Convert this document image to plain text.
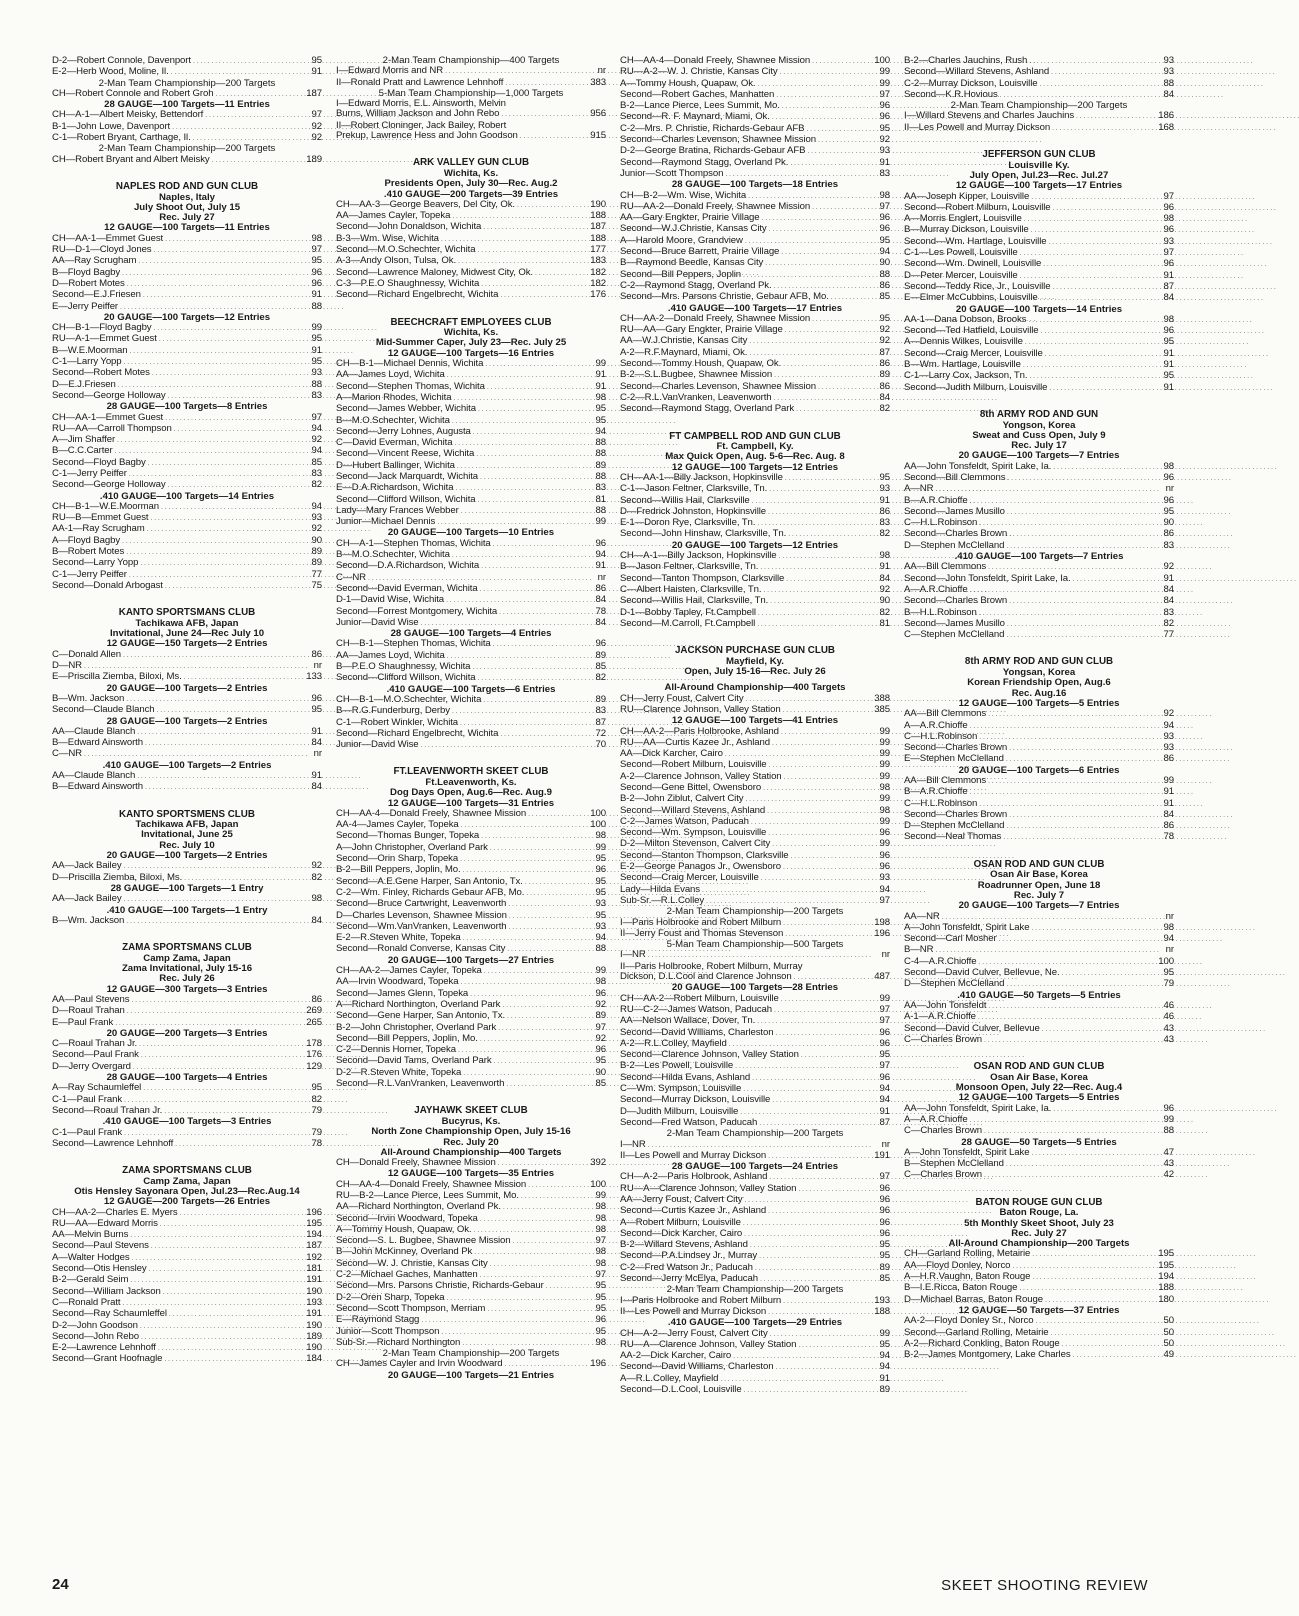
D-2—Robert Connole, Davenport . . .	95
E-2—Herb Wood, Moline, Il. . . .	91
2-Man Team Championship—200 Targets
CH—Robert Connole and Robert Groh . . .	187
28 GAUGE—100 Targets—11 Entries
CH—A-1—Albert Meisky, Bettendorf . . .	97
B-1—John Lowe, Davenport . . .	92
C-1—Robert Bryant, Carthage, Il. . . .	92
2-Man Team Championship—200 Targets
CH—Robert Bryant and Albert Meisky . . .	189
NAPLES ROD AND GUN CLUB
Naples, Italy
July Shoot Out, July 15
Rec. July 27
12 GAUGE—100 Targets—11 Entries
CH—AA-1—Emmet Guest . . .	98
RU—D-1—Cloyd Jones . . .	97
AA—Ray Scrugham . . .	95
B—Floyd Bagby . . .	96
D—Robert Motes . . .	96
Second—E.J.Friesen . . .	91
E—Jerry Peiffer . . .	88
20 GAUGE—100 Targets—12 Entries
CH—B-1—Floyd Bagby . . .	99
RU—A-1—Emmet Guest . . .	95
B—W.E.Moorman . . .	91
C-1—Larry Yopp . . .	95
Second—Robert Motes . . .	93
D—E.J.Friesen . . .	88
Second—George Holloway . . .	83
28 GAUGE—100 Targets—8 Entries
CH—AA-1—Emmet Guest . . .	97
RU—AA—Carroll Thompson . . .	94
A—Jim Shaffer . . .	92
B—C.C.Carter . . .	94
Second—Floyd Bagby . . .	85
C-1—Jerry Peiffer . . .	83
Second—George Holloway . . .	82
.410 GAUGE—100 Targets—14 Entries
CH—B-1—W.E.Moorman . . .	94
RU—B—Emmet Guest . . .	93
AA-1—Ray Scrugham . . .	92
A—Floyd Bagby . . .	90
B—Robert Motes . . .	89
Second—Larry Yopp . . .	89
C-1—Jerry Peiffer . . .	77
Second—Donald Arbogast . . .	75
KANTO SPORTSMANS CLUB
Tachikawa AFB, Japan
Invitational, June 24—Rec July 10
12 GAUGE—150 Targets—2 Entries
C—Donald Allen . . .	86
D—NR . . .	nr
E—Priscilla Ziemba, Biloxi, Ms. . . .	133
20 GAUGE—100 Targets—2 Entries
B—Wm. Jackson . . .	96
Second—Claude Blanch . . .	95
28 GAUGE—100 Targets—2 Entries
AA—Claude Blanch . . .	91
B—Edward Ainsworth . . .	84
C—NR . . .	nr
.410 GAUGE—100 Targets—2 Entries
AA—Claude Blanch . . .	91
B—Edward Ainsworth . . .	84
KANTO SPORTSMENS CLUB
Tachikawa AFB, Japan
Invitational, June 25
Rec. July 10
20 GAUGE—100 Targets—2 Entries
AA—Jack Bailey . . .	92
D—Priscilla Ziemba, Biloxi, Ms. . . .	82
28 GAUGE—100 Targets—1 Entry
AA—Jack Bailey . . .	98
.410 GAUGE—100 Targets—1 Entry
B—Wm. Jackson . . .	84
ZAMA SPORTSMANS CLUB
Camp Zama, Japan
Zama Invitational, July 15-16
Rec. July 26
12 GAUGE—300 Targets—3 Entries
AA—Paul Stevens . . .	86
D—Roaul Trahan . . .	269
E—Paul Frank . . .	265
20 GAUGE—200 Targets—3 Entries
C—Roaul Trahan Jr. . . .	178
Second—Paul Frank . . .	176
D—Jerry Overgard . . .	129
28 GAUGE—100 Targets—4 Entries
A—Ray Schaumleffel . . .	95
C-1—Paul Frank . . .	82
Second—Roaul Trahan Jr. . . .	79
.410 GAUGE—100 Targets—3 Entries
C-1—Paul Frank . . .	79
Second—Lawrence Lehnhoff . . .	78
ZAMA SPORTSMANS CLUB
Camp Zama, Japan
Otis Hensley Sayonara Open, Jul.23—Rec.Aug.14
12 GAUGE—200 Targets—26 Entries
CH—AA-2—Charles E. Myers . . .	196
RU—AA—Edward Morris . . .	195
AA—Melvin Burns . . .	194
Second—Paul Stevens . . .	187
A—Walter Hodges . . .	192
Second—Otis Hensley . . .	181
B-2—Gerald Seim . . .	191
Second—William Jackson . . .	190
C—Ronald Pratt . . .	193
Second—Ray Schaumleffel . . .	191
D-2—John Goodson . . .	190
Second—John Rebo . . .	189
E-2—Lawrence Lehnhoff . . .	190
Second—Grant Hoofnagle . . .	184
2-Man Team Championship—400 Targets
I—Edward Morris and NR . . .	nr
II—Ronald Pratt and Lawrence Lehnhoff . . .	383
5-Man Team Championship—1,000 Targets
I—Edward Morris, E.L. Ainsworth, Melvin
Burns, William Jackson and John Rebo . . .	956
II—Robert Cloninger, Jack Bailey, Robert
Prekup, Lawrence Hess and John Goodson . . .	915
ARK VALLEY GUN CLUB
Wichita, Ks.
Presidents Open, July 30—Rec. Aug.2
.410 GAUGE—200 Targets—39 Entries
CH—AA-3—George Beavers, Del City, Ok. . . .	190
AA—James Cayler, Topeka . . .	188
Second—John Donaldson, Wichita . . .	187
B-3—Wm. Wise, Wichita . . .	188
Second—M.O.Schechter, Wichita . . .	177
A-3—Andy Olson, Tulsa, Ok. . . .	183
Second—Lawrence Maloney, Midwest City, Ok. . . .	182
C-3—P.E.O Shaughnessy, Wichita . . .	182
Second—Richard Engelbrecht, Wichita . . .	176
BEECHCRAFT EMPLOYEES CLUB
Wichita, Ks.
Mid-Summer Caper, July 23—Rec. July 25
12 GAUGE—100 Targets—16 Entries
CH—B-1—Michael Dennis, Wichita . . .	99
AA—James Loyd, Wichita . . .	91
Second—Stephen Thomas, Wichita . . .	91
A—Marion Rhodes, Wichita . . .	98
Second—James Webber, Wichita . . .	95
B—M.O.Schechter, Wichita . . .	95
Second—Jerry Lohnes, Augusta . . .	94
C—David Everman, Wichita . . .	88
Second—Vincent Reese, Wichita . . .	88
D—Hubert Ballinger, Wichita . . .	89
Second—Jack Marquardt, Wichita . . .	88
E—D.A.Richardson, Wichita . . .	83
Second—Clifford Willson, Wichita . . .	81
Lady—Mary Frances Webber . . .	88
Junior—Michael Dennis . . .	99
20 GAUGE—100 Targets—10 Entries
CH—A-1—Stephen Thomas, Wichita . . .	96
B—M.O.Schechter, Wichita . . .	94
Second—D.A.Richardson, Wichita . . .	91
C—NR . . .	nr
Second—David Everman, Wichita . . .	86
D-1—David Wise, Wichita . . .	84
Second—Forrest Montgomery, Wichita . . .	78
Junior—David Wise . . .	84
28 GAUGE—100 Targets—4 Entries
CH—B-1—Stephen Thomas, Wichita . . .	96
AA—James Loyd, Wichita . . .	89
B—P.E.O Shaughnessy, Wichita . . .	85
Second—Clifford Willson, Wichita . . .	82
.410 GAUGE—100 Targets—6 Entries
CH—B-1—M.O.Schechter, Wichita . . .	89
B—R.G.Funderburg, Derby . . .	83
C-1—Robert Winkler, Wichita . . .	87
Second—Richard Engelbrecht, Wichita . . .	72
Junior—David Wise . . .	70
FT.LEAVENWORTH SKEET CLUB
Ft.Leavenworth, Ks.
Dog Days Open, Aug.6—Rec. Aug.9
12 GAUGE—100 Targets—31 Entries
CH—AA-4—Donald Freely, Shawnee Mission . . .	100
AA-4—James Cayler, Topeka . . .	100
Second—Thomas Bunger, Topeka . . .	98
A—John Christopher, Overland Park . . .	99
Second—Orin Sharp, Topeka . . .	95
B-2—Bill Peppers, Joplin, Mo. . . .	96
Second—A.E.Gene Harper, San Antonio, Tx. . . .	95
C-2—Wm. Finley, Richards Gebaur AFB, Mo. . . .	95
Second—Bruce Cartwright, Leavenworth . . .	93
D—Charles Levenson, Shawnee Mission . . .	95
Second—Wm.VanVranken, Leavenworth . . .	93
E-2—R.Steven White, Topeka . . .	94
Second—Ronald Converse, Kansas City . . .	88
20 GAUGE—100 Targets—27 Entries
CH—AA-2—James Cayler, Topeka . . .	99
AA—Irvin Woodward, Topeka . . .	98
Second—James Glenn, Topeka . . .	96
A—Richard Northington, Overland Park . . .	92
Second—Gene Harper, San Antonio, Tx. . . .	89
B-2—John Christopher, Overland Park . . .	97
Second—Bill Peppers, Joplin, Mo. . . .	92
C-2—Dennis Horner, Topeka . . .	96
Second—David Tams, Overland Park . . .	95
D-2—R.Steven White, Topeka . . .	90
Second—R.L.VanVranken, Leavenworth . . .	85
JAYHAWK SKEET CLUB
Bucyrus, Ks.
North Zone Championship Open, July 15-16
Rec. July 20
All-Around Championship—400 Targets
CH—Donald Freely, Shawnee Mission . . .	392
12 GAUGE—100 Targets—35 Entries
CH—AA-4—Donald Freely, Shawnee Mission . . .	100
RU—B-2—Lance Pierce, Lees Summit, Mo. . . .	99
AA—Richard Northington, Overland Pk. . . .	98
Second—Irvin Woodward, Topeka . . .	98
A—Tommy Housh, Quapaw, Ok. . . .	98
Second—S. L. Bugbee, Shawnee Mission . . .	97
B—John McKinney, Overland Pk . . .	98
Second—W. J. Christie, Kansas City . . .	98
C-2—Michael Gaches, Manhatten . . .	97
Second—Mrs. Parsons Christie, Richards-Gebaur . . .	95
D-2—Oren Sharp, Topeka . . .	95
Second—Scott Thompson, Merriam . . .	95
E—Raymond Stagg . . .	96
Junior—Scott Thompson . . .	95
Sub-Sr.—Richard Northington . . .	98
2-Man Team Championship—200 Targets
CH—James Cayler and Irvin Woodward . . .	196
20 GAUGE—100 Targets—21 Entries
CH—AA-4—Donald Freely, Shawnee Mission . . .	100
RU—A-2—W. J. Christie, Kansas City . . .	99
A—Tommy Housh, Quapaw, Ok. . . .	99
Second—Robert Gaches, Manhatten . . .	97
B-2—Lance Pierce, Lees Summit, Mo. . . .	96
Second—R. F. Maynard, Miami, Ok. . . .	96
C-2—Mrs. P. Christie, Richards-Gebaur AFB . . .	95
Second—Charles Levenson, Shawnee Mission . . .	92
D-2—George Bratina, Richards-Gebaur AFB . . .	93
Second—Raymond Stagg, Overland Pk. . . .	91
Junior—Scott Thompson . . .	83
28 GAUGE—100 Targets—18 Entries
CH—B-2—Wm. Wise, Wichita . . .	98
RU—AA-2—Donald Freely, Shawnee Mission . . .	97
AA—Gary Engkter, Prairie Village . . .	96
Second—W.J.Christie, Kansas City . . .	96
A—Harold Moore, Grandview . . .	95
Second—Bruce Barrett, Prairie Village . . .	94
B—Raymond Beedle, Kansas City . . .	90
Second—Bill Peppers, Joplin . . .	88
C-2—Raymond Stagg, Overland Pk. . . .	86
Second—Mrs. Parsons Christie, Gebaur AFB, Mo. . . .	85
.410 GAUGE—100 Targets—17 Entries
CH—AA-2—Donald Freely, Shawnee Mission . . .	95
RU—AA—Gary Engkter, Prairie Village . . .	92
AA—W.J.Christie, Kansas City . . .	92
A-2—R.F.Maynard, Miami, Ok. . . .	87
Second—Tommy Housh, Quapaw, Ok. . . .	86
B-2—S.L.Bugbee, Shawnee Mission . . .	89
Second—Charles Levenson, Shawnee Mission . . .	86
C-2—R.L.VanVranken, Leavenworth . . .	84
Second—Raymond Stagg, Overland Park . . .	82
FT CAMPBELL ROD AND GUN CLUB
Ft. Campbell, Ky.
Max Quick Open, Aug. 5-6—Rec. Aug. 8
12 GAUGE—100 Targets—12 Entries
CH—AA-1—Billy Jackson, Hopkinsville . . .	95
C-1—Jason Feltner, Clarksville, Tn. . . .	93
Second—Willis Hail, Clarksville . . .	91
D—Fredrick Johnston, Hopkinsville . . .	86
E-1—Doron Rye, Clarksville, Tn. . . .	83
Second—John Hinshaw, Clarksville, Tn. . . .	82
20 GAUGE—100 Targets—12 Entries
CH—A-1—Billy Jackson, Hopkinsville . . .	98
B—Jason Feltner, Clarksville, Tn. . . .	91
Second—Tanton Thompson, Clarksville . . .	84
C—Albert Haisten, Clarksville, Tn. . . .	92
Second—Willis Hail, Clarksville, Tn. . . .	90
D-1—Bobby Tapley, Ft.Campbell . . .	82
Second—M.Carroll, Ft.Campbell . . .	81
JACKSON PURCHASE GUN CLUB
Mayfield, Ky.
Open, July 15-16—Rec. July 26
All-Around Championship—400 Targets
CH—Jerry Foust, Calvert City . . .	388
RU—Clarence Johnson, Valley Station . . .	385
12 GAUGE—100 Targets—41 Entries
CH—AA-2—Paris Holbrooke, Ashland . . .	99
RU—AA—Curtis Kazee Jr., Ashland . . .	99
AA—Dick Karcher, Cairo . . .	99
Second—Robert Milburn, Louisville . . .	99
A-2—Clarence Johnson, Valley Station . . .	99
Second—Gene Bittel, Owensboro . . .	98
B-2—John Ziblut, Calvert City . . .	99
Second—Willard Stevens, Ashland . . .	98
C-2—James Watson, Paducah . . .	99
Second—Wm. Sympson, Louisville . . .	96
D-2—Milton Stevenson, Calvert City . . .	99
Second—Stanton Thompson, Clarksville . . .	96
E-2—George Panagos Jr., Owensboro . . .	96
Second—Craig Mercer, Louisville . . .	93
Lady—Hilda Evans . . .	94
Sub-Sr.—R.L.Colley . . .	97
2-Man Team Championship—200 Targets
I—Paris Holbrooke and Robert Milburn . . .	198
II—Jerry Foust and Thomas Stevenson . . .	196
5-Man Team Championship—500 Targets
I—NR . . .	nr
II—Paris Holbrooke, Robert Milburn, Murray
Dickson, D.L.Cool and Clarence Johnson . . .	487
20 GAUGE—100 Targets—28 Entries
CH—AA-2—Robert Milburn, Louisville . . .	99
RU—C-2—James Watson, Paducah . . .	97
AA—Nelson Wallace, Dover, Tn. . . .	97
Second—David Williams, Charleston . . .	96
A-2—R.L.Colley, Mayfield . . .	96
Second—Clarence Johnson, Valley Station . . .	95
B-2—Les Powell, Louisville . . .	97
Second—Hilda Evans, Ashland . . .	96
C—Wm. Sympson, Louisville . . .	94
Second—Murray Dickson, Louisville . . .	94
D—Judith Milburn, Louisville . . .	91
Second—Fred Watson, Paducah . . .	87
2-Man Team Championship—200 Targets
I—NR . . .	nr
II—Les Powell and Murray Dickson . . .	191
28 GAUGE—100 Targets—24 Entries
CH—A-2—Paris Holbrook, Ashland . . .	97
RU—A—Clarence Johnson, Valley Station . . .	96
AA—Jerry Foust, Calvert City . . .	96
Second—Curtis Kazee Jr., Ashland . . .	96
A—Robert Milburn, Louisville . . .	96
Second—Dick Karcher, Cairo . . .	96
B-2—Willard Stevens, Ashland . . .	95
Second—P.A.Lindsey Jr., Murray . . .	95
C-2—Fred Watson Jr., Paducah . . .	89
Second—Jerry McElya, Paducah . . .	85
2-Man Team Championship—200 Targets
I—Paris Holbrooke and Robert Milburn . . .	193
II—Les Powell and Murray Dickson . . .	188
.410 GAUGE—100 Targets—29 Entries
CH—A-2—Jerry Foust, Calvert City . . .	99
RU—A—Clarence Johnson, Valley Station . . .	95
AA-2—Dick Karcher, Cairo . . .	94
Second—David Williams, Charleston . . .	94
A—R.L.Colley, Mayfield . . .	91
Second—D.L.Cool, Louisville . . .	89
B-2—Charles Jauchins, Rush . . .	93
Second—Willard Stevens, Ashland . . .	93
C-2—Murray Dickson, Louisville . . .	88
Second—K.R.Hovious . . .	84
2-Man Team Championship—200 Targets
I—Willard Stevens and Charles Jauchins . . .	186
II—Les Powell and Murray Dickson . . .	168
JEFFERSON GUN CLUB
Louisville Ky.
July Open, Jul.23—Rec. Jul.27
12 GAUGE—100 Targets—17 Entries
AA—Joseph Kipper, Louisville . . .	97
Second—Robert Milburn, Louisville . . .	96
A—Morris Englert, Louisville . . .	98
B—Murray Dickson, Louisville . . .	96
Second—Wm. Hartlage, Louisville . . .	93
C-1—Les Powell, Louisville . . .	97
Second—Wm. Dwinell, Louisville . . .	96
D—Peter Mercer, Louisville . . .	91
Second—Teddy Rice, Jr., Louisville . . .	87
E—Elmer McCubbins, Louisville . . .	84
20 GAUGE—100 Targets—14 Entries
AA-1—Dana Dobson, Brooks . . .	98
Second—Ted Hatfield, Louisville . . .	96
A—Dennis Wilkes, Louisville . . .	95
Second—Craig Mercer, Louisville . . .	91
B—Wm. Hartlage, Louisville . . .	91
C-1—Larry Cox, Jackson, Tn. . . .	95
Second—Judith Milburn, Louisville . . .	91
8th ARMY ROD AND GUN
Yongson, Korea
Sweat and Cuss Open, July 9
Rec. July 17
20 GAUGE—100 Targets—7 Entries
AA—John Tonsfeldt, Spirit Lake, Ia. . . .	98
Second—Bill Clemmons . . .	96
A—NR . . .	nr
B—A.R.Chioffe . . .	96
Second—James Musillo . . .	95
C—H.L.Robinson . . .	90
Second—Charles Brown . . .	86
D—Stephen McClelland . . .	83
.410 GAUGE—100 Targets—7 Entries
AA—Bill Clemmons . . .	92
Second—John Tonsfeldt, Spirit Lake, Ia. . . .	91
A—A.R.Chioffe . . .	84
Second—Charles Brown . . .	84
B—H.L.Robinson . . .	83
Second—James Musillo . . .	82
C—Stephen McClelland . . .	77
8th ARMY ROD AND GUN CLUB
Yongsan, Korea
Korean Friendship Open, Aug.6
Rec. Aug.16
12 GAUGE—100 Targets—5 Entries
AA—Bill Clemmons . . .	92
A—A.R.Chioffe . . .	94
C—H.L.Robinson . . .	93
Second—Charles Brown . . .	93
E—Stephen McClelland . . .	86
20 GAUGE—100 Targets—6 Entries
AA—Bill Clemmons . . .	99
B—A.R.Chioffe . . .	91
C—H.L.Robinson . . .	91
Second—Charles Brown . . .	84
D—Stephen McClelland . . .	86
Second—Neal Thomas . . .	78
OSAN ROD AND GUN CLUB
Osan Air Base, Korea
Roadrunner Open, June 18
Rec. July 7
20 GAUGE—100 Targets—7 Entries
AA—NR . . .	nr
A—John Tonsfeldt, Spirit Lake . . .	98
Second—Carl Mosher . . .	94
B—NR . . .	nr
C-4—A.R.Chioffe . . .	100
Second—David Culver, Bellevue, Ne. . . .	95
D—Stephen McClelland . . .	79
.410 GAUGE—50 Targets—5 Entries
AA—John Tonsfeldt . . .	46
A-1—A.R.Chioffe . . .	46
Second—David Culver, Bellevue . . .	43
C—Charles Brown . . .	43
OSAN ROD AND GUN CLUB
Osan Air Base, Korea
Monsoon Open, July 22—Rec. Aug.4
12 GAUGE—100 Targets—5 Entries
AA—John Tonsfeldt, Spirit Lake, Ia. . . .	96
A—A.R.Chioffe . . .	99
C—Charles Brown . . .	88
28 GAUGE—50 Targets—5 Entries
A—John Tonsfeldt, Spirit Lake . . .	47
B—Stephen McClelland . . .	43
C—Charles Brown . . .	42
BATON ROUGE GUN CLUB
Baton Rouge, La.
5th Monthly Skeet Shoot, July 23
Rec. July 27
All-Around Championship—200 Targets
CH—Garland Rolling, Metairie . . .	195
AA—Floyd Donley, Norco . . .	195
A—H.R.Vaughn, Baton Rouge . . .	194
B—I.E.Ricca, Baton Rouge . . .	188
D—Michael Barras, Baton Rouge . . .	180
12 GAUGE—50 Targets—37 Entries
AA-2—Floyd Donley Sr., Norco . . .	50
Second—Garland Rolling, Metairie . . .	50
A-2—Richard Conkling, Baton Rouge . . .	50
B-2—James Montgomery, Lake Charles . . .	49
24	SKEET SHOOTING REVIEW
